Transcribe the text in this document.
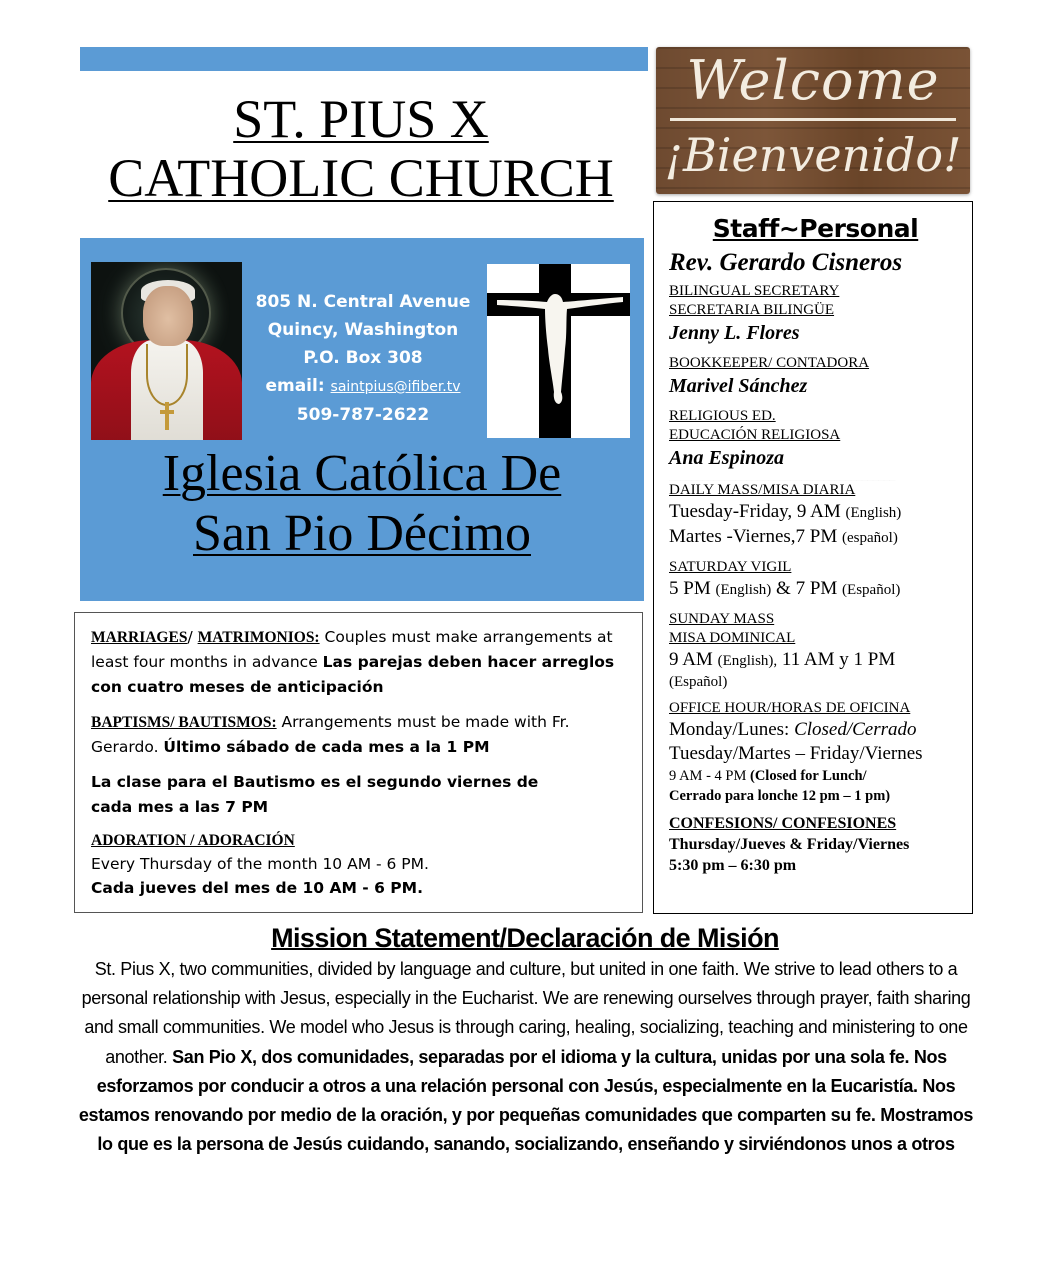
ST. PIUS X
CATHOLIC CHURCH
Welcome
¡Bienvenido!
805 N. Central Avenue
Quincy, Washington
P.O. Box 308
email: saintpius@ifiber.tv
509-787-2622
Iglesia Católica De
San Pio Décimo

MARRIAGES/ MATRIMONIOS: Couples must make arrangements at least four months in advance Las parejas deben hacer arreglos con cuatro meses de anticipación

BAPTISMS/ BAUTISMOS: Arrangements must be made with Fr. Gerardo. Último sábado de cada mes a la 1 PM

La clase para el Bautismo es el segundo viernes de cada mes a las 7 PM

ADORATION / ADORACIÓN
Every Thursday of the month 10 AM - 6 PM.
Cada jueves del mes de 10 AM - 6 PM.
Staff~Personal
Rev. Gerardo Cisneros
BILINGUAL SECRETARY
SECRETARIA BILINGÜE
Jenny L. Flores
BOOKKEEPER/ CONTADORA
Marivel Sánchez
RELIGIOUS ED.
EDUCACIÓN RELIGIOSA
Ana Espinoza
_________________________________________
DAILY MASS/MISA DIARIA
Tuesday-Friday, 9 AM (English)
Martes -Viernes,7 PM (español)
SATURDAY VIGIL
5 PM (English) & 7 PM (Español)
SUNDAY MASS
MISA DOMINICAL
9 AM (English), 11 AM y 1 PM
(Español)
OFFICE HOUR/HORAS DE OFICINA
Monday/Lunes: Closed/Cerrado
Tuesday/Martes – Friday/Viernes
9 AM - 4 PM (Closed for Lunch/
Cerrado para lonche 12 pm – 1 pm)
CONFESIONS/ CONFESIONES
Thursday/Jueves & Friday/Viernes
5:30 pm – 6:30 pm
Mission Statement/Declaración de Misión
St. Pius X, two communities, divided by language and culture, but united in one faith. We strive to lead others to a personal relationship with Jesus, especially in the Eucharist. We are renewing ourselves through prayer, faith sharing and small communities. We model who Jesus is through caring, healing, socializing, teaching and ministering to one another. San Pio X, dos comunidades, separadas por el idioma y la cultura, unidas por una sola fe. Nos esforzamos por conducir a otros a una relación personal con Jesús, especialmente en la Eucaristía. Nos estamos renovando por medio de la oración, y por pequeñas comunidades que comparten su fe. Mostramos lo que es la persona de Jesús cuidando, sanando, socializando, enseñando y sirviéndonos unos a otros
